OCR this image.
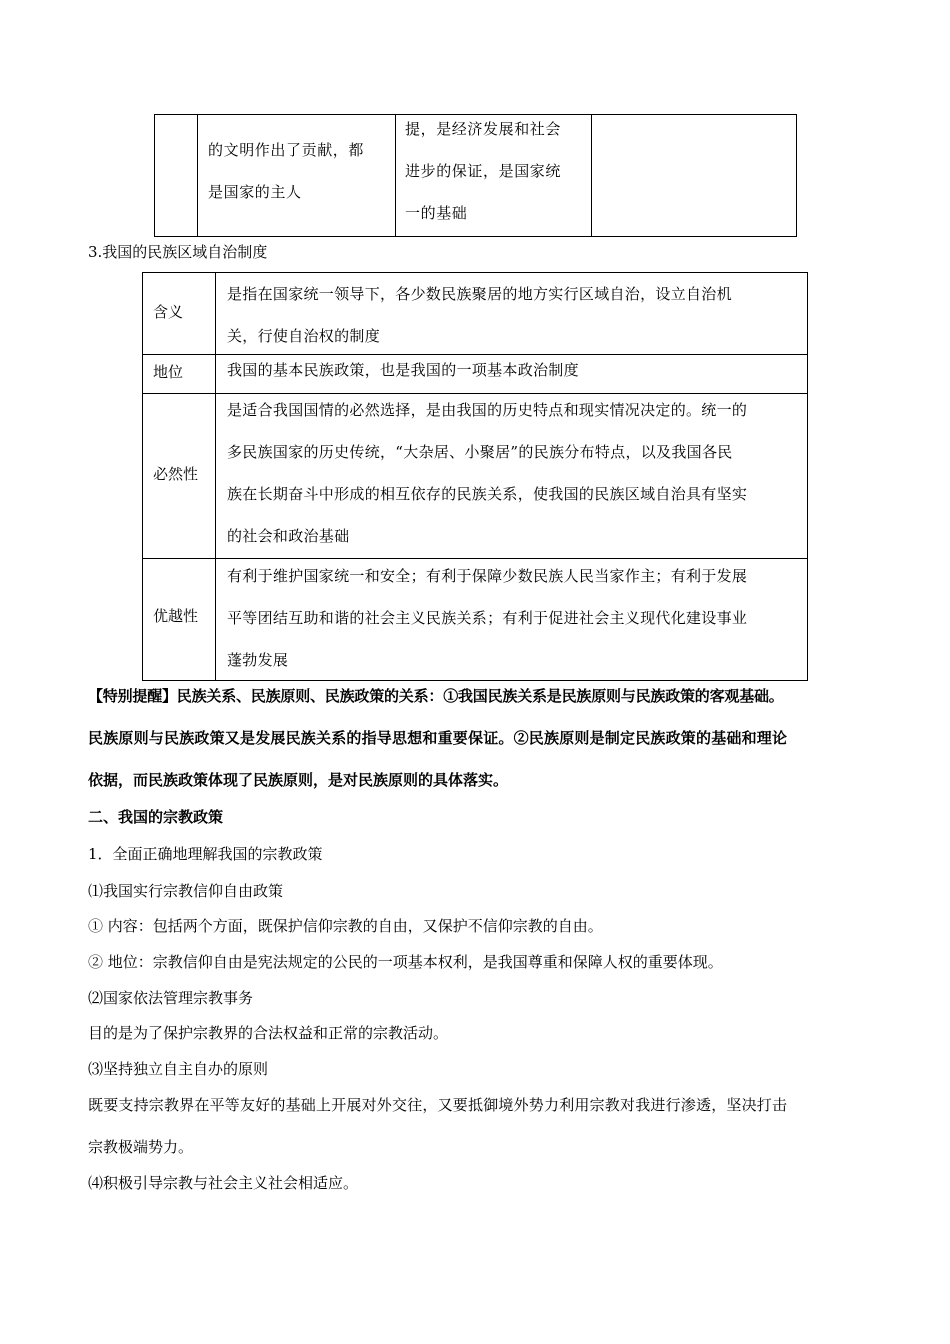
的文明作出了贡献，都
是国家的主人
提，是经济发展和社会
进步的保证，是国家统
一的基础
3.我国的民族区域自治制度
含义
是指在国家统一领导下，各少数民族聚居的地方实行区域自治，设立自治机
关，行使自治权的制度
地位	我国的基本民族政策，也是我国的一项基本政治制度
必然性
是适合我国国情的必然选择，是由我国的历史特点和现实情况决定的。统一的
多民族国家的历史传统，“大杂居、小聚居”的民族分布特点，以及我国各民
族在长期奋斗中形成的相互依存的民族关系，使我国的民族区域自治具有坚实
的社会和政治基础
优越性
有利于维护国家统一和安全；有利于保障少数民族人民当家作主；有利于发展
平等团结互助和谐的社会主义民族关系；有利于促进社会主义现代化建设事业
蓬勃发展
【特别提醒】民族关系、民族原则、民族政策的关系：①我国民族关系是民族原则与民族政策的客观基础。
民族原则与民族政策又是发展民族关系的指导思想和重要保证。②民族原则是制定民族政策的基础和理论
依据，而民族政策体现了民族原则，是对民族原则的具体落实。
二、我国的宗教政策
1．全面正确地理解我国的宗教政策
⑴我国实行宗教信仰自由政策
① 内容：包括两个方面，既保护信仰宗教的自由，又保护不信仰宗教的自由。
② 地位：宗教信仰自由是宪法规定的公民的一项基本权利，是我国尊重和保障人权的重要体现。
⑵国家依法管理宗教事务
目的是为了保护宗教界的合法权益和正常的宗教活动。
⑶坚持独立自主自办的原则
既要支持宗教界在平等友好的基础上开展对外交往，又要抵御境外势力利用宗教对我进行渗透，坚决打击
宗教极端势力。
⑷积极引导宗教与社会主义社会相适应。
